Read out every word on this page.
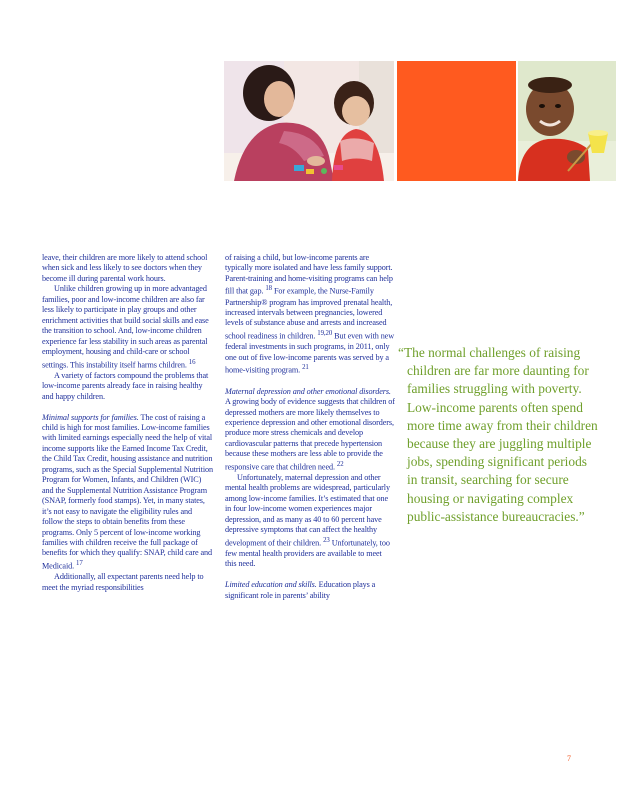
leave, their children are more likely to attend school when sick and less likely to see doctors when they become ill during parental work hours.

Unlike children growing up in more advantaged families, poor and low-income children are also far less likely to participate in play groups and other enrichment activities that build social skills and ease the transition to school. And, low-income children experience far less stability in such areas as parental employment, housing and child-care or school settings. This instability itself harms children. $^{16}$

A variety of factors compound the problems that low-income parents already face in raising healthy and happy children.

Minimal supports for families. The cost of raising a child is high for most families. Low-income families with limited earnings especially need the help of vital income supports like the Earned Income Tax Credit, the Child Tax Credit, housing assistance and nutrition programs, such as the Special Supplemental Nutrition Program for Women, Infants, and Children (WIC) and the Supplemental Nutrition Assistance Program (SNAP, formerly food stamps). Yet, in many states, it’s not easy to navigate the eligibility rules and follow the steps to obtain benefits from these programs. Only 5 percent of low-income working families with children receive the full package of benefits for which they qualify: SNAP, child care and Medicaid. $^{17}$

Additionally, all expectant parents need help to meet the myriad responsibilities

of raising a child, but low-income parents are typically more isolated and have less family support. Parent-training and home-visiting programs can help fill that gap. $^{18}$ For example, the Nurse-Family Partnership® program has improved prenatal health, increased intervals between pregnancies, lowered levels of substance abuse and arrests and increased school readiness in children. $^{19,20}$ But even with new federal investments in such programs, in 2011, only one out of five low-income parents was served by a home-visiting program. $^{21}$

Maternal depression and other emotional disorders. A growing body of evidence suggests that children of depressed mothers are more likely themselves to experience depression and other emotional disorders, produce more stress chemicals and develop cardiovascular patterns that precede hypertension because these mothers are less able to provide the responsive care that children need. $^{22}$

Unfortunately, maternal depression and other mental health problems are widespread, particularly among low-income families. It’s estimated that one in four low-income women experiences major depression, and as many as 40 to 60 percent have depressive symptoms that can affect the healthy development of their children. $^{23}$ Unfortunately, too few mental health providers are available to meet this need.

Limited education and skills. Education plays a significant role in parents’ ability

“The normal challenges of raising children are far more daunting for families struggling with poverty. Low-income parents often spend more time away from their children because they are juggling multiple jobs, spending significant periods in transit, searching for secure housing or navigating complex public-assistance bureaucracies.”

7
